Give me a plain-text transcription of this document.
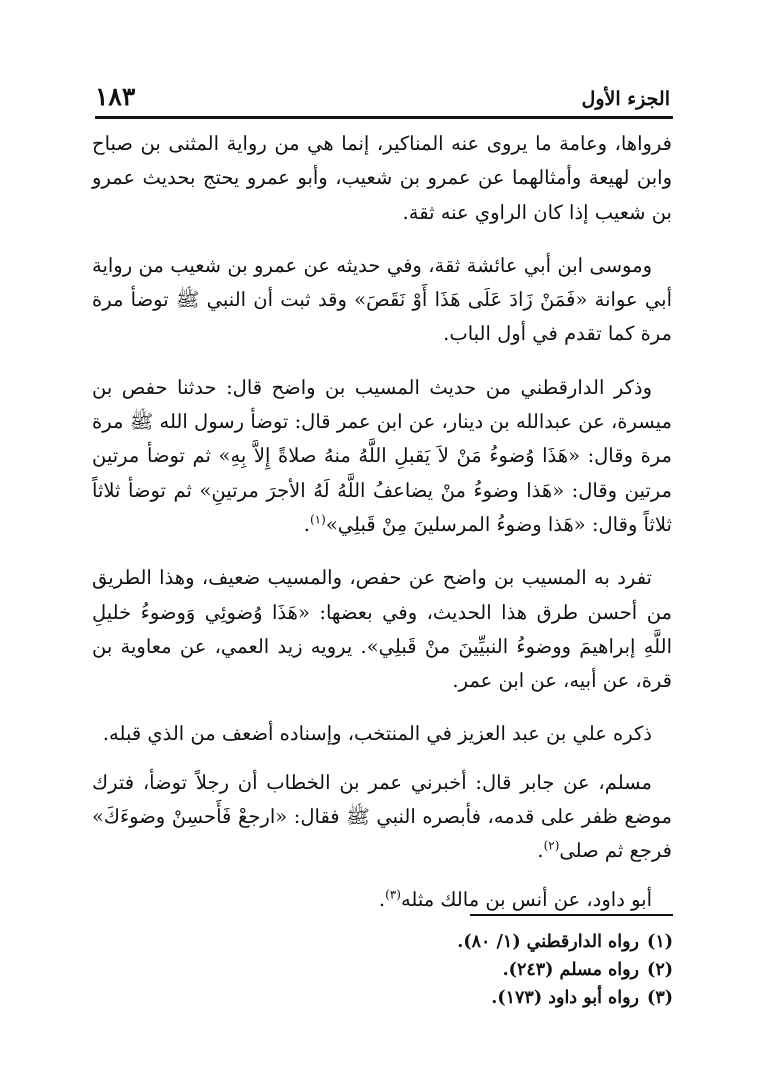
الجزء الأول
١٨٣

فرواها، وعامة ما يروى عنه المناكير، إنما هي من رواية المثنى بن صباح وابن لهيعة وأمثالهما عن عمرو بن شعيب، وأبو عمرو يحتج بحديث عمرو بن شعيب إذا كان الراوي عنه ثقة.

وموسى ابن أبي عائشة ثقة، وفي حديثه عن عمرو بن شعيب من رواية أبي عوانة «فَمَنْ زَادَ عَلَى هَذَا أَوْ نَقَصَ» وقد ثبت أن النبي ﷺ توضأ مرة مرة كما تقدم في أول الباب.

وذكر الدارقطني من حديث المسيب بن واضح قال: حدثنا حفص بن ميسرة، عن عبدالله بن دينار، عن ابن عمر قال: توضأ رسول الله ﷺ مرة مرة وقال: «هَذَا وُضوءُ مَنْ لاَ يَقبلِ اللَّهُ منهُ صلاةً إِلاَّ بِهِ» ثم توضأ مرتين مرتين وقال: «هَذا وضوءُ منْ يضاعفُ اللَّهُ لَهُ الأجرَ مرتينِ» ثم توضأ ثلاثاً ثلاثاً وقال: «هَذا وضوءُ المرسلينَ مِنْ قَبلِي»$^{(١)}$.

تفرد به المسيب بن واضح عن حفص، والمسيب ضعيف، وهذا الطريق من أحسن طرق هذا الحديث، وفي بعضها: «هَذَا وُضوئِي وَوضوءُ خليلِ اللَّهِ إبراهيمَ ووضوءُ النبيِّينَ منْ قَبلِي». يرويه زيد العمي، عن معاوية بن قرة، عن أبيه، عن ابن عمر.

ذكره علي بن عبد العزيز في المنتخب، وإسناده أضعف من الذي قبله.

مسلم، عن جابر قال: أخبرني عمر بن الخطاب أن رجلاً توضأ، فترك موضع ظفر على قدمه، فأبصره النبي ﷺ فقال: «ارجعْ فَأَحسِنْ وضوءَكَ» فرجع ثم صلى$^{(٢)}$.

أبو داود، عن أنس بن مالك مثله$^{(٣)}$.

(١)رواه الدارقطني (١/ ٨٠).
(٢)رواه مسلم (٢٤٣).
(٣)رواه أبو داود (١٧٣).
